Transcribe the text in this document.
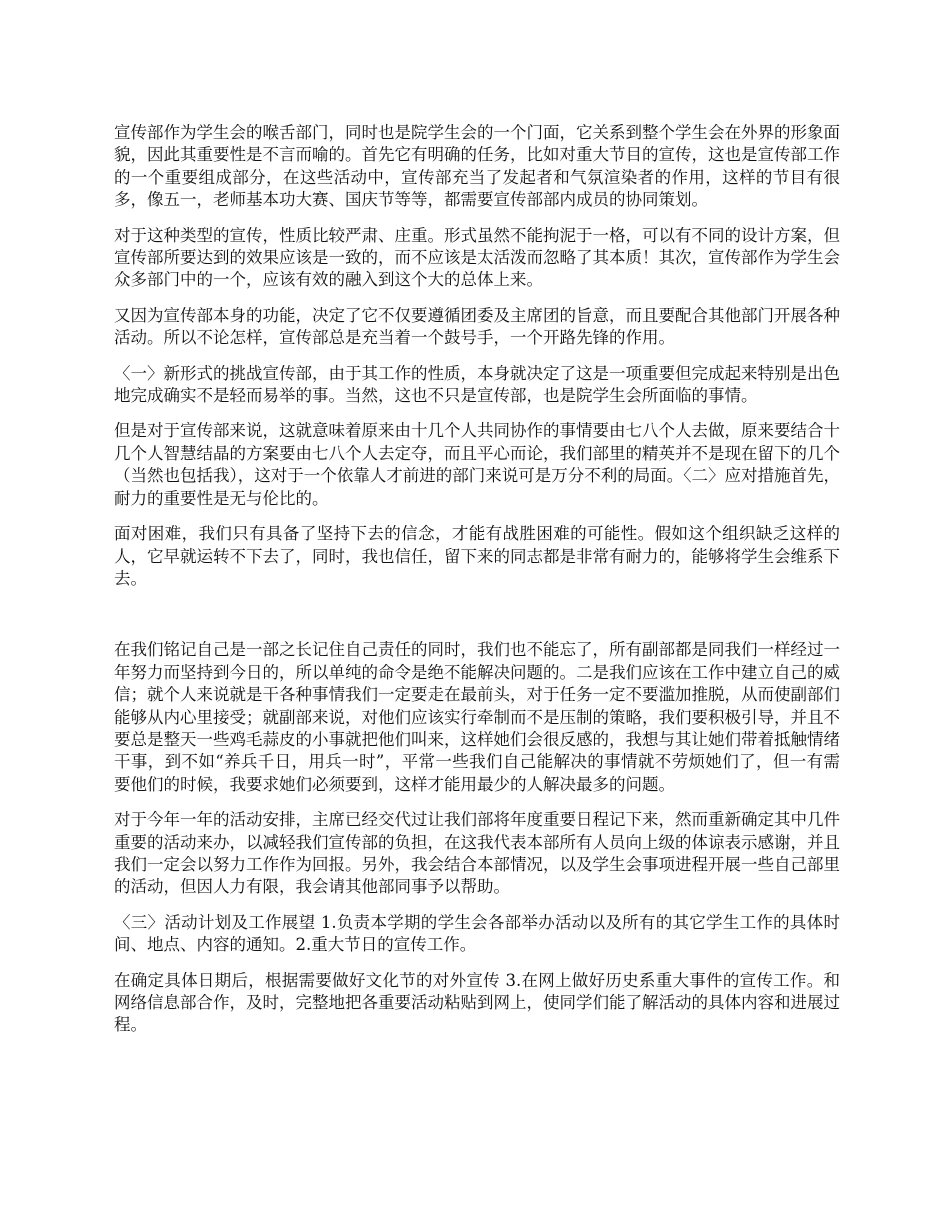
宣传部作为学生会的喉舌部门，同时也是院学生会的一个门面，它关系到整个学生会在外界的形象面貌，因此其重要性是不言而喻的。首先它有明确的任务，比如对重大节目的宣传，这也是宣传部工作的一个重要组成部分，在这些活动中，宣传部充当了发起者和气氛渲染者的作用，这样的节目有很多，像五一，老师基本功大赛、国庆节等等，都需要宣传部部内成员的协同策划。

对于这种类型的宣传，性质比较严肃、庄重。形式虽然不能拘泥于一格，可以有不同的设计方案，但宣传部所要达到的效果应该是一致的，而不应该是太活泼而忽略了其本质！其次，宣传部作为学生会众多部门中的一个，应该有效的融入到这个大的总体上来。

又因为宣传部本身的功能，决定了它不仅要遵循团委及主席团的旨意，而且要配合其他部门开展各种活动。所以不论怎样，宣传部总是充当着一个鼓号手，一个开路先锋的作用。

〈一〉新形式的挑战宣传部，由于其工作的性质，本身就决定了这是一项重要但完成起来特别是出色地完成确实不是轻而易举的事。当然，这也不只是宣传部，也是院学生会所面临的事情。

但是对于宣传部来说，这就意味着原来由十几个人共同协作的事情要由七八个人去做，原来要结合十几个人智慧结晶的方案要由七八个人去定夺，而且平心而论，我们部里的精英并不是现在留下的几个（当然也包括我），这对于一个依靠人才前进的部门来说可是万分不利的局面。〈二〉应对措施首先，耐力的重要性是无与伦比的。

面对困难，我们只有具备了坚持下去的信念，才能有战胜困难的可能性。假如这个组织缺乏这样的人，它早就运转不下去了，同时，我也信任，留下来的同志都是非常有耐力的，能够将学生会维系下去。

在我们铭记自己是一部之长记住自己责任的同时，我们也不能忘了，所有副部都是同我们一样经过一年努力而坚持到今日的，所以单纯的命令是绝不能解决问题的。二是我们应该在工作中建立自己的威信；就个人来说就是干各种事情我们一定要走在最前头，对于任务一定不要滥加推脱，从而使副部们能够从内心里接受；就副部来说，对他们应该实行牵制而不是压制的策略，我们要积极引导，并且不要总是整天一些鸡毛蒜皮的小事就把他们叫来，这样她们会很反感的，我想与其让她们带着抵触情绪干事，到不如“养兵千日，用兵一时”，平常一些我们自己能解决的事情就不劳烦她们了，但一有需要他们的时候，我要求她们必须要到，这样才能用最少的人解决最多的问题。

对于今年一年的活动安排，主席已经交代过让我们部将年度重要日程记下来，然而重新确定其中几件重要的活动来办，以减轻我们宣传部的负担，在这我代表本部所有人员向上级的体谅表示感谢，并且我们一定会以努力工作作为回报。另外，我会结合本部情况，以及学生会事项进程开展一些自己部里的活动，但因人力有限，我会请其他部同事予以帮助。

〈三〉活动计划及工作展望 1.负责本学期的学生会各部举办活动以及所有的其它学生工作的具体时间、地点、内容的通知。2.重大节日的宣传工作。

在确定具体日期后，根据需要做好文化节的对外宣传 3.在网上做好历史系重大事件的宣传工作。和网络信息部合作，及时，完整地把各重要活动粘贴到网上，使同学们能了解活动的具体内容和进展过程。
